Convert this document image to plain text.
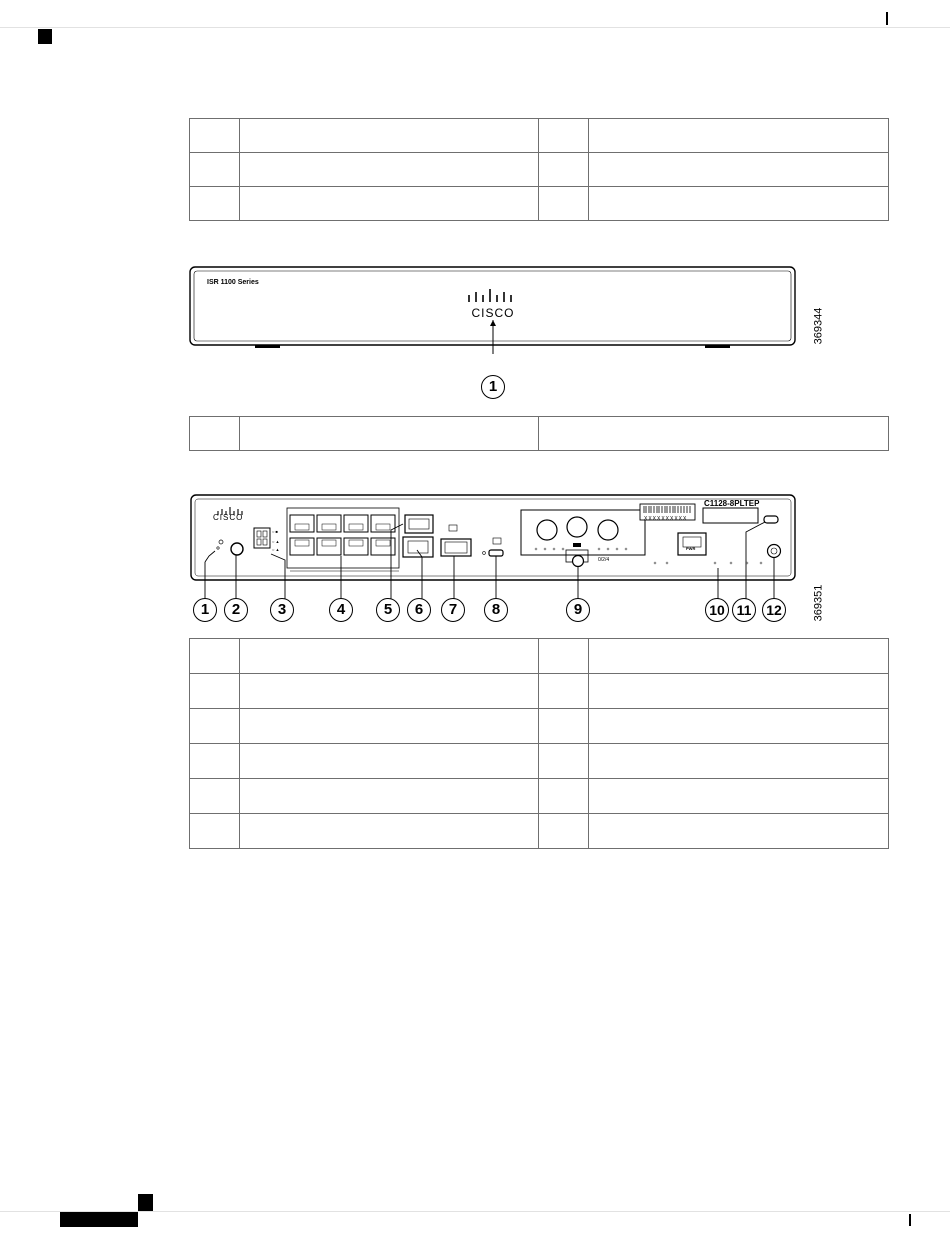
ISR 1100 Series
CISCO
1
369344

○ ■
○ ▲
○ ▲
CISCO
C1128-8PLTEP
XXXXXXXXXX
PWR
0/2/4
1	2	3	4	5	6	7	8	9	10 11	12	369351
